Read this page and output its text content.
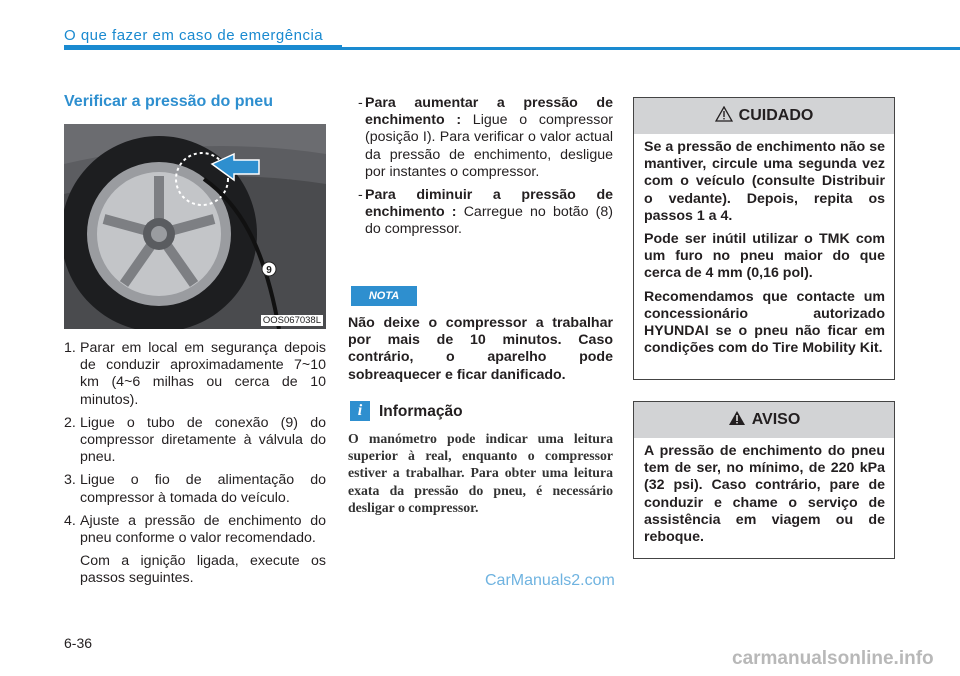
O que fazer em caso de emergência
Verificar a pressão do pneu
9
OOS067038L
1. Parar em local em segurança depois de conduzir aproximadamente 7~10 km (4~6 milhas ou cerca de 10 minutos).
2. Ligue o tubo de conexão (9) do compressor diretamente à válvula do pneu.
3. Ligue o fio de alimentação do compressor à tomada do veículo.
4. Ajuste a pressão de enchimento do pneu conforme o valor recomendado.
Com a ignição ligada, execute os passos seguintes.
- Para aumentar a pressão de enchimento : Ligue o compressor (posição I). Para verificar o valor actual da pressão de enchimento, desligue por instantes o compressor.
- Para diminuir a pressão de enchimento : Carregue no botão (8) do compressor.
NOTA
Não deixe o compressor a trabalhar por mais de 10 minutos. Caso contrário, o aparelho pode sobreaquecer e ficar danificado.
i	Informação
O manómetro pode indicar uma leitura superior à real, enquanto o compressor estiver a trabalhar. Para obter uma leitura exata da pressão do pneu, é necessário desligar o compressor.
CUIDADO

Se a pressão de enchimento não se mantiver, circule uma segunda vez com o veículo (consulte Distribuir o vedante). Depois, repita os passos 1 a 4.

Pode ser inútil utilizar o TMK com um furo no pneu maior do que cerca de 4 mm (0,16 pol).

Recomendamos que contacte um concessionário autorizado HYUNDAI se o pneu não ficar em condições com do Tire Mobility Kit.

AVISO

A pressão de enchimento do pneu tem de ser, no mínimo, de 220 kPa (32 psi). Caso contrário, pare de conduzir e chame o serviço de assistência em viagem ou de reboque.

CarManuals2.com
6-36
carmanualsonline.info
